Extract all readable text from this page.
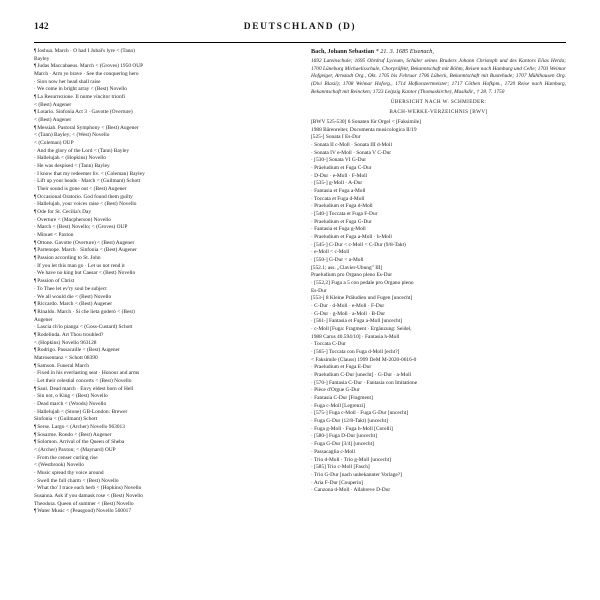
142	DEUTSCHLAND (D)
¶Joshua. March · O had I Jubal's lyre < (Tann)
Bayley
¶Judas Maccabaeus. March < (Groves) 1950 OUP
March · Arm ye brave · See the conquering hero
· Sion now her head shall raise
· We come in bright array < (Best) Novello
¶La Resurrezione. Il nume vincitor trionfi
< (Best) Augener
¶Lotario. Sinfonia Act 3 · Gavotte (Overture)
< (Best) Augener
¶Messiah. Pastoral Symphony < (Best) Augener
< (Tann) Bayley; < (West) Novello
< (Coleman) OUP
· And the glory of the Lord < (Tann) Bayley
· Hallelujah < (Hopkins) Novello
· He was despised < (Tann) Bayley
· I know that my redeemer liv. < (Coleman) Bayley
· Lift up your heads · March < (Guilmant) Schott
· Their sound is gone out < (Best) Augener
¶Occasional Oratorio. God found them guilty
· Hallelujah, your voices raise < (Best) Novello
¶Ode for St. Cecilia's Day
· Overture < (Macpherson) Novello
· March < (Best) Novello; < (Groves) OUP
· Minuet < Paxton
¶Ottone. Gavotte (Overture) < (Best) Augener
¶Partenope. March · Sinfonia < (Best) Augener
¶Passion according to St. John
· If you let this man go · Let us not rend it
· We have no king but Caesar < (Best) Novello
¶Passion of Christ
· To Thee let ev'ry soul be subject
· We all would die < (Best) Novello
¶Riccardo. March < (Best) Augener
¶Rinaldo. March · Si che lieta goderò < (Best)
Augener
· Lascia ch'io pianga < (Goss-Custard) Schott
¶Rodelinda. Art Thou troubled?
< (Hopkins) Novello 963128
¶Rodrigo. Passacaille < (Best) Augener
Matrosentanz < Schott 08390
¶Samson. Funeral March
· Fixed in his everlasting seat · Honour and arms
· Let their celestial concerts < (Best) Novello
¶Saul. Dead march · Envy eldest born of Hell
· Sin not, o King < (Best) Novello
· Dead march < (Woods) Novello
· Hallelujah < (Stone) GB-London: Brewer
Sinfonia < (Guilmant) Schott
¶Serse. Largo < (Archer) Novello 963013
¶Sosarme. Rondo < (Best) Augener
¶Solomon. Arrival of the Queen of Sheba
< (Archer) Paxton; < (Maynard) OUP
· From the censer curling rise
< (Westbrook) Novello
· Music spread thy voice around
· Swell the full charm < (Best) Novello
· What tho' I trace each herb < (Hopkins) Novello
Susanna. Ask if you damask rose < (Best) Novello
Theodora. Queen of summer < (Best) Novello
¶Water Music < (Peasgood) Novello 560017
Bach, Johann Sebastian * 21. 3. 1685 Eisenach,
1692 Lateinschule; 1695 Ohrdruf Lyceum, Schüler seines Bruders Johann Christoph und des Kantors Elias Herda; 1700 Lüneburg Michaelisschule, Chorpräfekt, Bekanntschaft mit Böhm, Reisen nach Hamburg und Celle; 1703 Weimar Hofgeiger, Arnstadt Org., Okt. 1705 bis Februar 1706 Lübeck, Bekanntschaft mit Buxtehude; 1707 Mühlhausen Org. (Divi Blasii); 1708 Weimar Hoforg., 1714 Hofkonzertmeister; 1717 Cöthen Hofkpm., 1720 Reise nach Hamburg, Bekanntschaft mit Reincken; 1723 Leipzig Kantor (Thomaskirche), Musikdir., † 28. 7. 1750
ÜBERSICHT NACH W. SCHMIEDER:
BACH-WERKE-VERZEICHNIS [BWV]
[BWV 525-530] 6 Sonaten für Orgel < [Faksimile]
1988 Bärenreiter, Documenta musicologica II/19
[525-] Sonata I Es-Dur
· Sonata II c-Moll · Sonata III d-Moll
· Sonata IV e-Moll · Sonata V C-Dur
· [530-] Sonata VI G-Dur
· Präeludium et Fuga C-Dur
· D-Dur · e-Moll · F-Moll
· [535-] g-Moll · A-Dur
· Fantasia et Fuga a-Moll
· Toccata et Fuga d-Moll
· Praeludium et Fuga d-Moll
· [540-] Toccata et Fuga F-Dur
· Praeludium et Fuga G-Dur
· Fantasia et Fuga g-Moll
· Praeludium et Fuga a-Moll · h-Moll
· [545-] C-Dur < c-Moll < C-Dur (9/8-Takt)
· e-Moll < c-Moll
· [550-] G-Dur < a-Moll
[552.1; ass. „Clavier-Übung" III]
Praeludium pro Organo pleno Es-Dur
· [552,2] Fuga a 5 con pedale pro Organo pleno
Es-Dur
[553-] 8 Kleine Präludien und Fugen [uncecht]
· C-Dur · d-Moll · e-Moll · F-Dur
· G-Dur · g-Moll · a-Moll · B-Dur
· [561-] Fantasia et Fuga a-Moll [uncecht]
· c-Moll [Fuga: Fragment · Ergänzung: Seidel,
1988 Carus 40.594/10] · Fantasia h-Moll
· Toccata C-Dur
· [565-] Toccata con Fuga d-Moll [echt?]
< Faksimile (Clauss) 1999 DeM M-2020-0616-0
· Praeludium et Fuga E-Dur
· Praeludium C-Dur [unecht] · G-Dur · a-Moll
· [570-] Fantasia C-Dur · Fantasia con Imitatione
· Pièce d'Orgue G-Dur
· Fantasia C-Dur [Fragment]
· Fuga c-Moll [Legrenzi]
· [575-] Fuga c-Moll · Fuga G-Dur [uncecht]
· Fuga G-Dur (12/8-Takt) [uncecht]
· Fuga g-Moll · Fuga h-Moll [Corelli]
· [580-] Fuga D-Dur [uncecht]
· Fuga G-Dur [3/4] [uncecht]
· Passacaglia c-Moll
· Trio d-Moll · Trio g-Moll [uncecht]
· [585] Trio c-Moll [Fasch]
· Trio G-Dur [nach unbekannter Vorlage?]
· Aria F-Dur [Couperin]
· Canzona d-Moll · Allabreve D-Dur
